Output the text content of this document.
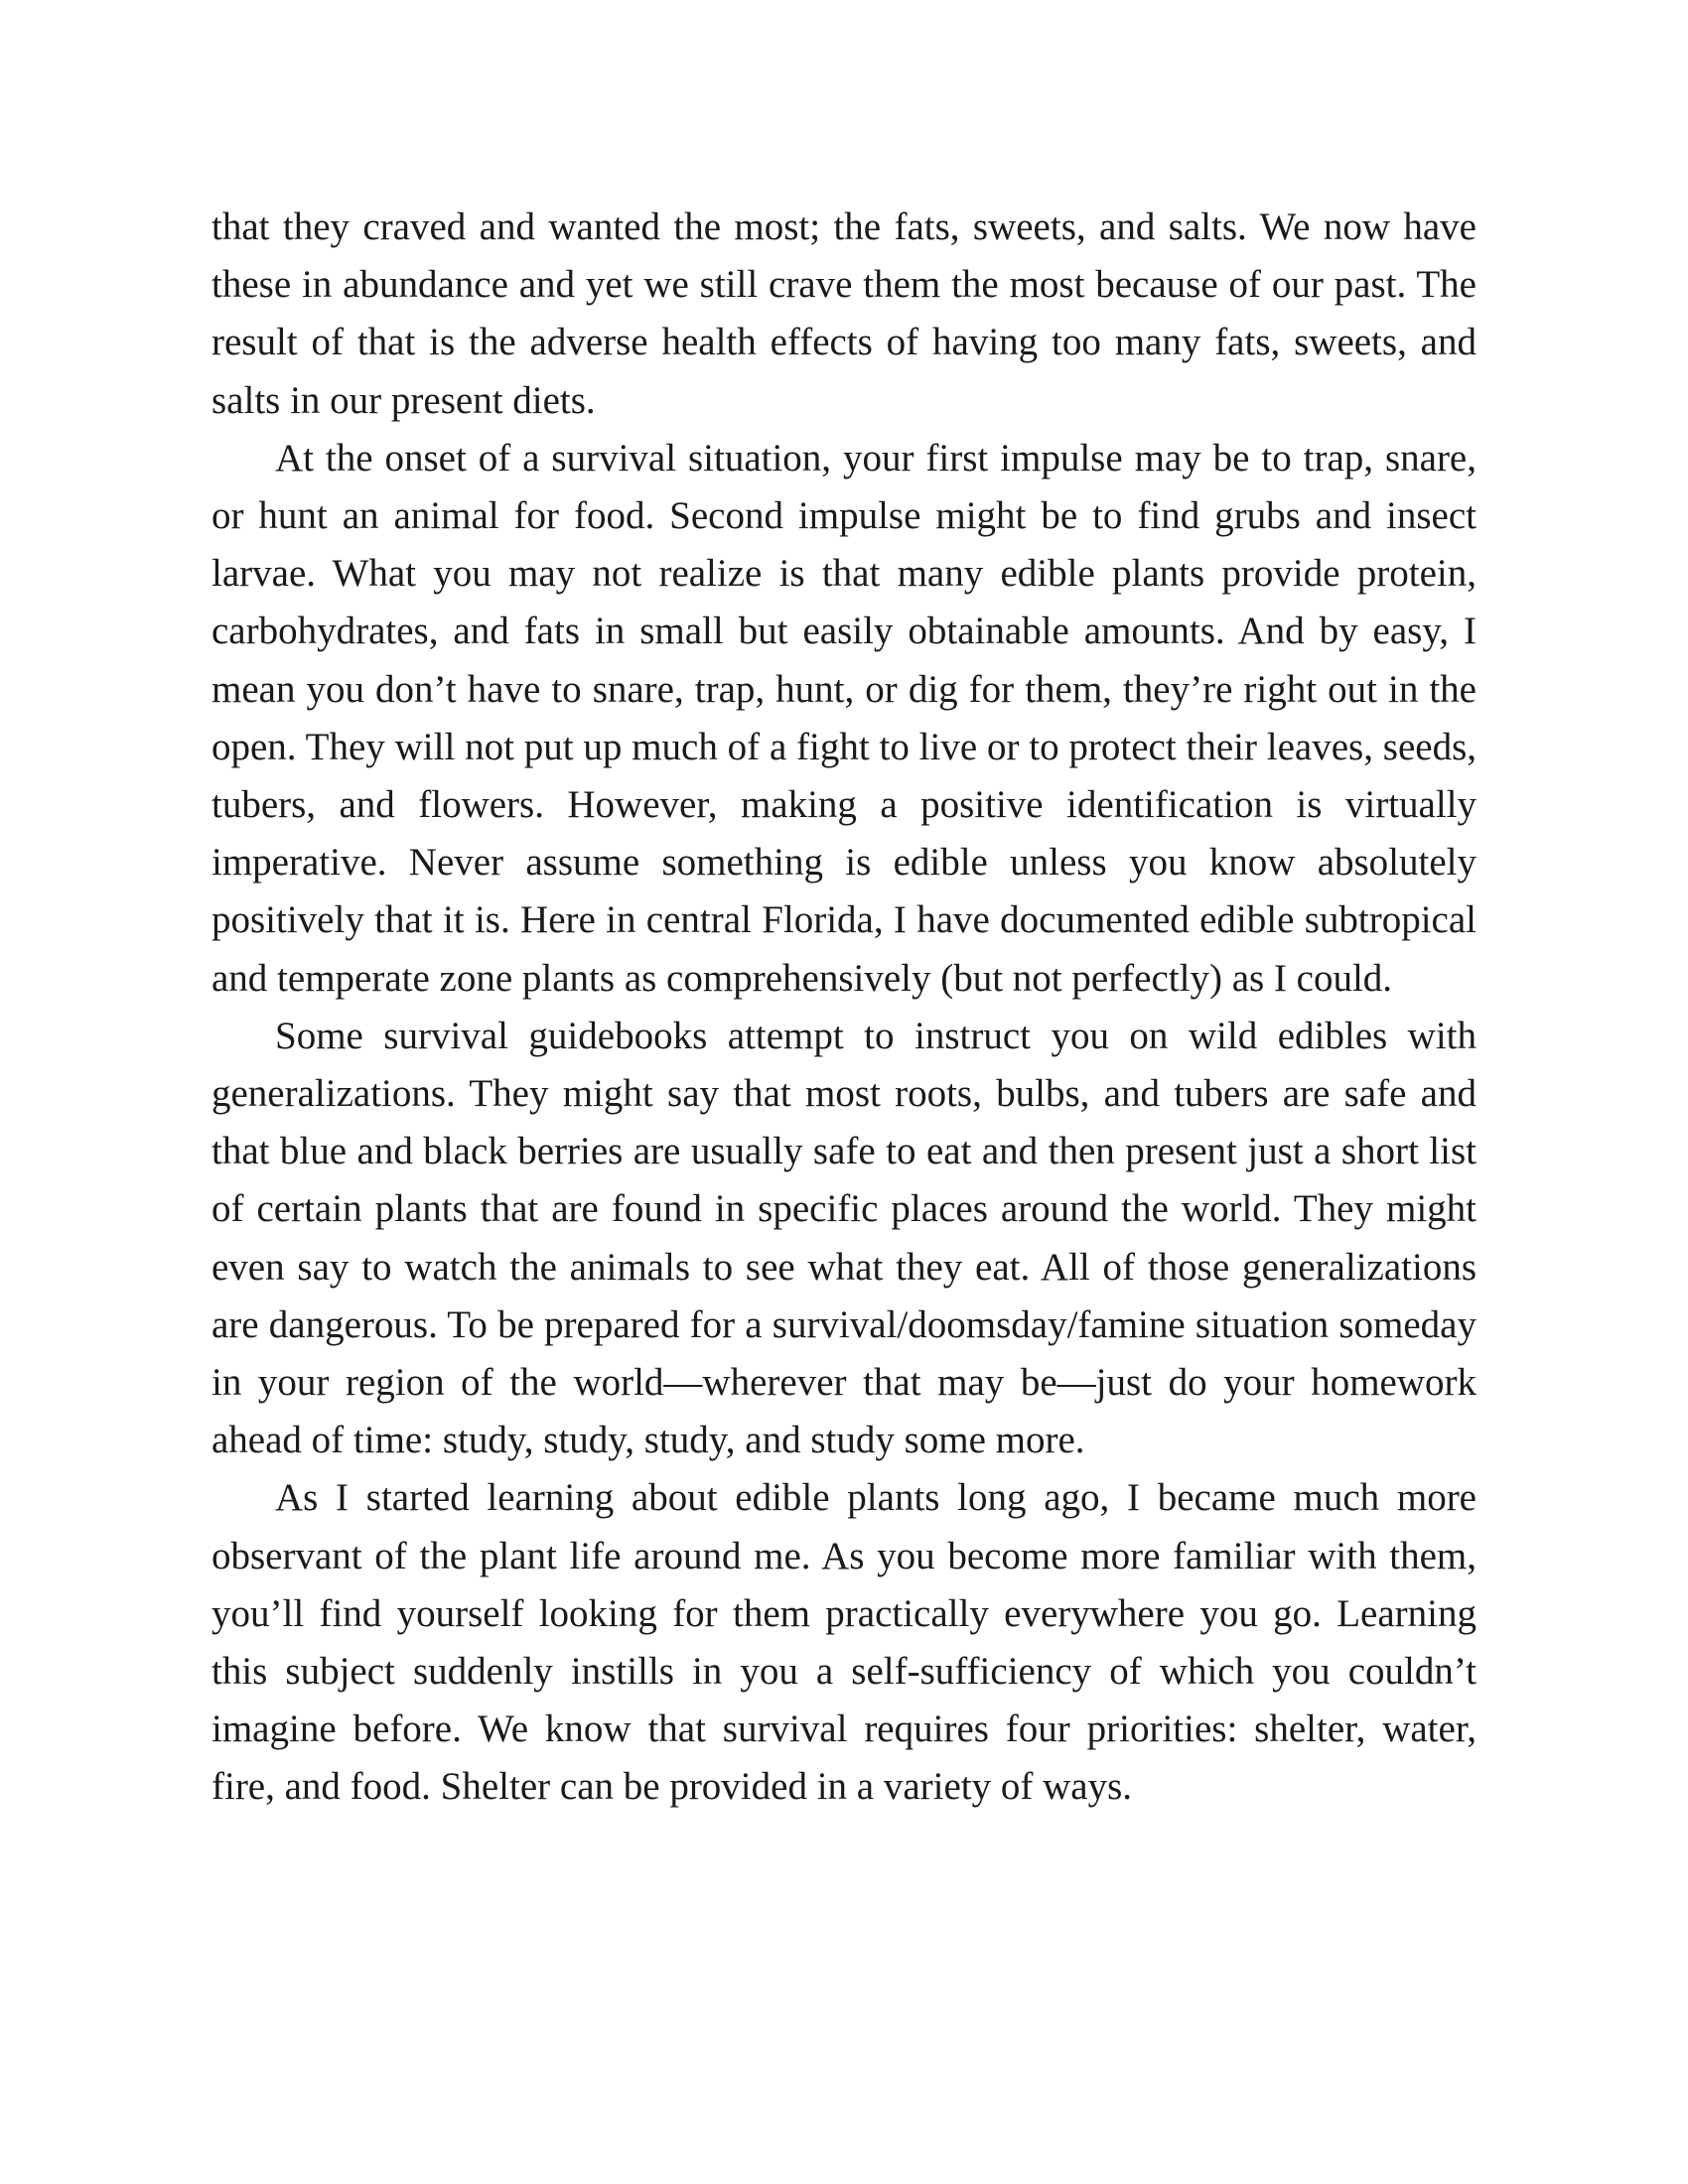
that they craved and wanted the most; the fats, sweets, and salts. We now have these in abundance and yet we still crave them the most because of our past. The result of that is the adverse health effects of having too many fats, sweets, and salts in our present diets.

At the onset of a survival situation, your first impulse may be to trap, snare, or hunt an animal for food. Second impulse might be to find grubs and insect larvae. What you may not realize is that many edible plants provide protein, carbohydrates, and fats in small but easily obtainable amounts. And by easy, I mean you don’t have to snare, trap, hunt, or dig for them, they’re right out in the open. They will not put up much of a fight to live or to protect their leaves, seeds, tubers, and flowers. However, making a positive identification is virtually imperative. Never assume something is edible unless you know absolutely positively that it is. Here in central Florida, I have documented edible subtropical and temperate zone plants as comprehensively (but not perfectly) as I could.

Some survival guidebooks attempt to instruct you on wild edibles with generalizations. They might say that most roots, bulbs, and tubers are safe and that blue and black berries are usually safe to eat and then present just a short list of certain plants that are found in specific places around the world. They might even say to watch the animals to see what they eat. All of those generalizations are dangerous. To be prepared for a survival/doomsday/famine situation someday in your region of the world—wherever that may be—just do your homework ahead of time: study, study, study, and study some more.

As I started learning about edible plants long ago, I became much more observant of the plant life around me. As you become more familiar with them, you’ll find yourself looking for them practically everywhere you go. Learning this subject suddenly instills in you a self-sufficiency of which you couldn’t imagine before. We know that survival requires four priorities: shelter, water, fire, and food. Shelter can be provided in a variety of ways.
